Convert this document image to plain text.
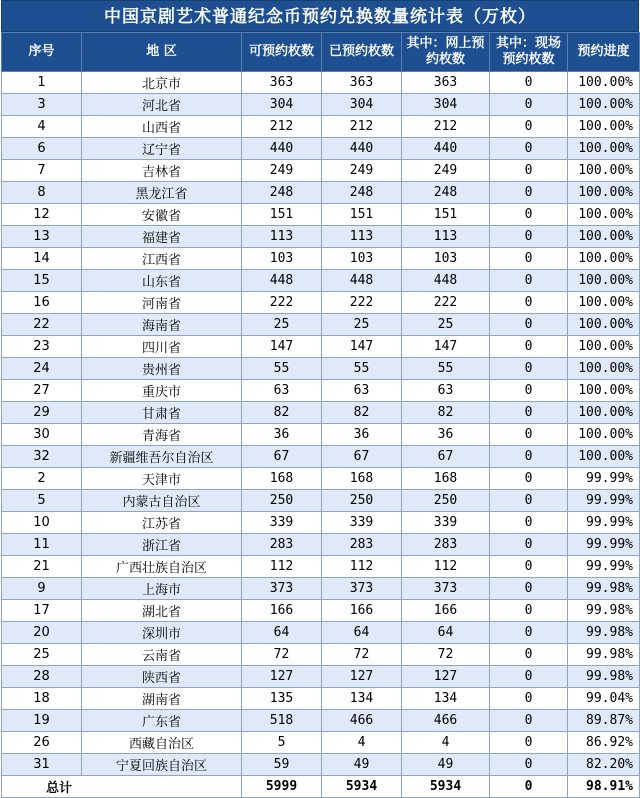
中国京剧艺术普通纪念币预约兑换数量统计表（万枚）
序号	地 区	可预约枚数	已预约枚数	其中：网上预约枚数	其中：现场预约枚数	预约进度
1	北京市	363	363	363	0	100.00%
3	河北省	304	304	304	0	100.00%
4	山西省	212	212	212	0	100.00%
6	辽宁省	440	440	440	0	100.00%
7	吉林省	249	249	249	0	100.00%
8	黑龙江省	248	248	248	0	100.00%
12	安徽省	151	151	151	0	100.00%
13	福建省	113	113	113	0	100.00%
14	江西省	103	103	103	0	100.00%
15	山东省	448	448	448	0	100.00%
16	河南省	222	222	222	0	100.00%
22	海南省	25	25	25	0	100.00%
23	四川省	147	147	147	0	100.00%
24	贵州省	55	55	55	0	100.00%
27	重庆市	63	63	63	0	100.00%
29	甘肃省	82	82	82	0	100.00%
30	青海省	36	36	36	0	100.00%
32	新疆维吾尔自治区	67	67	67	0	100.00%
2	天津市	168	168	168	0	99.99%
5	内蒙古自治区	250	250	250	0	99.99%
10	江苏省	339	339	339	0	99.99%
11	浙江省	283	283	283	0	99.99%
21	广西壮族自治区	112	112	112	0	99.99%
9	上海市	373	373	373	0	99.98%
17	湖北省	166	166	166	0	99.98%
20	深圳市	64	64	64	0	99.98%
25	云南省	72	72	72	0	99.98%
28	陕西省	127	127	127	0	99.98%
18	湖南省	135	134	134	0	99.04%
19	广东省	518	466	466	0	89.87%
26	西藏自治区	5	4	4	0	86.92%
31	宁夏回族自治区	59	49	49	0	82.20%
总计		5999	5934	5934	0	98.91%
